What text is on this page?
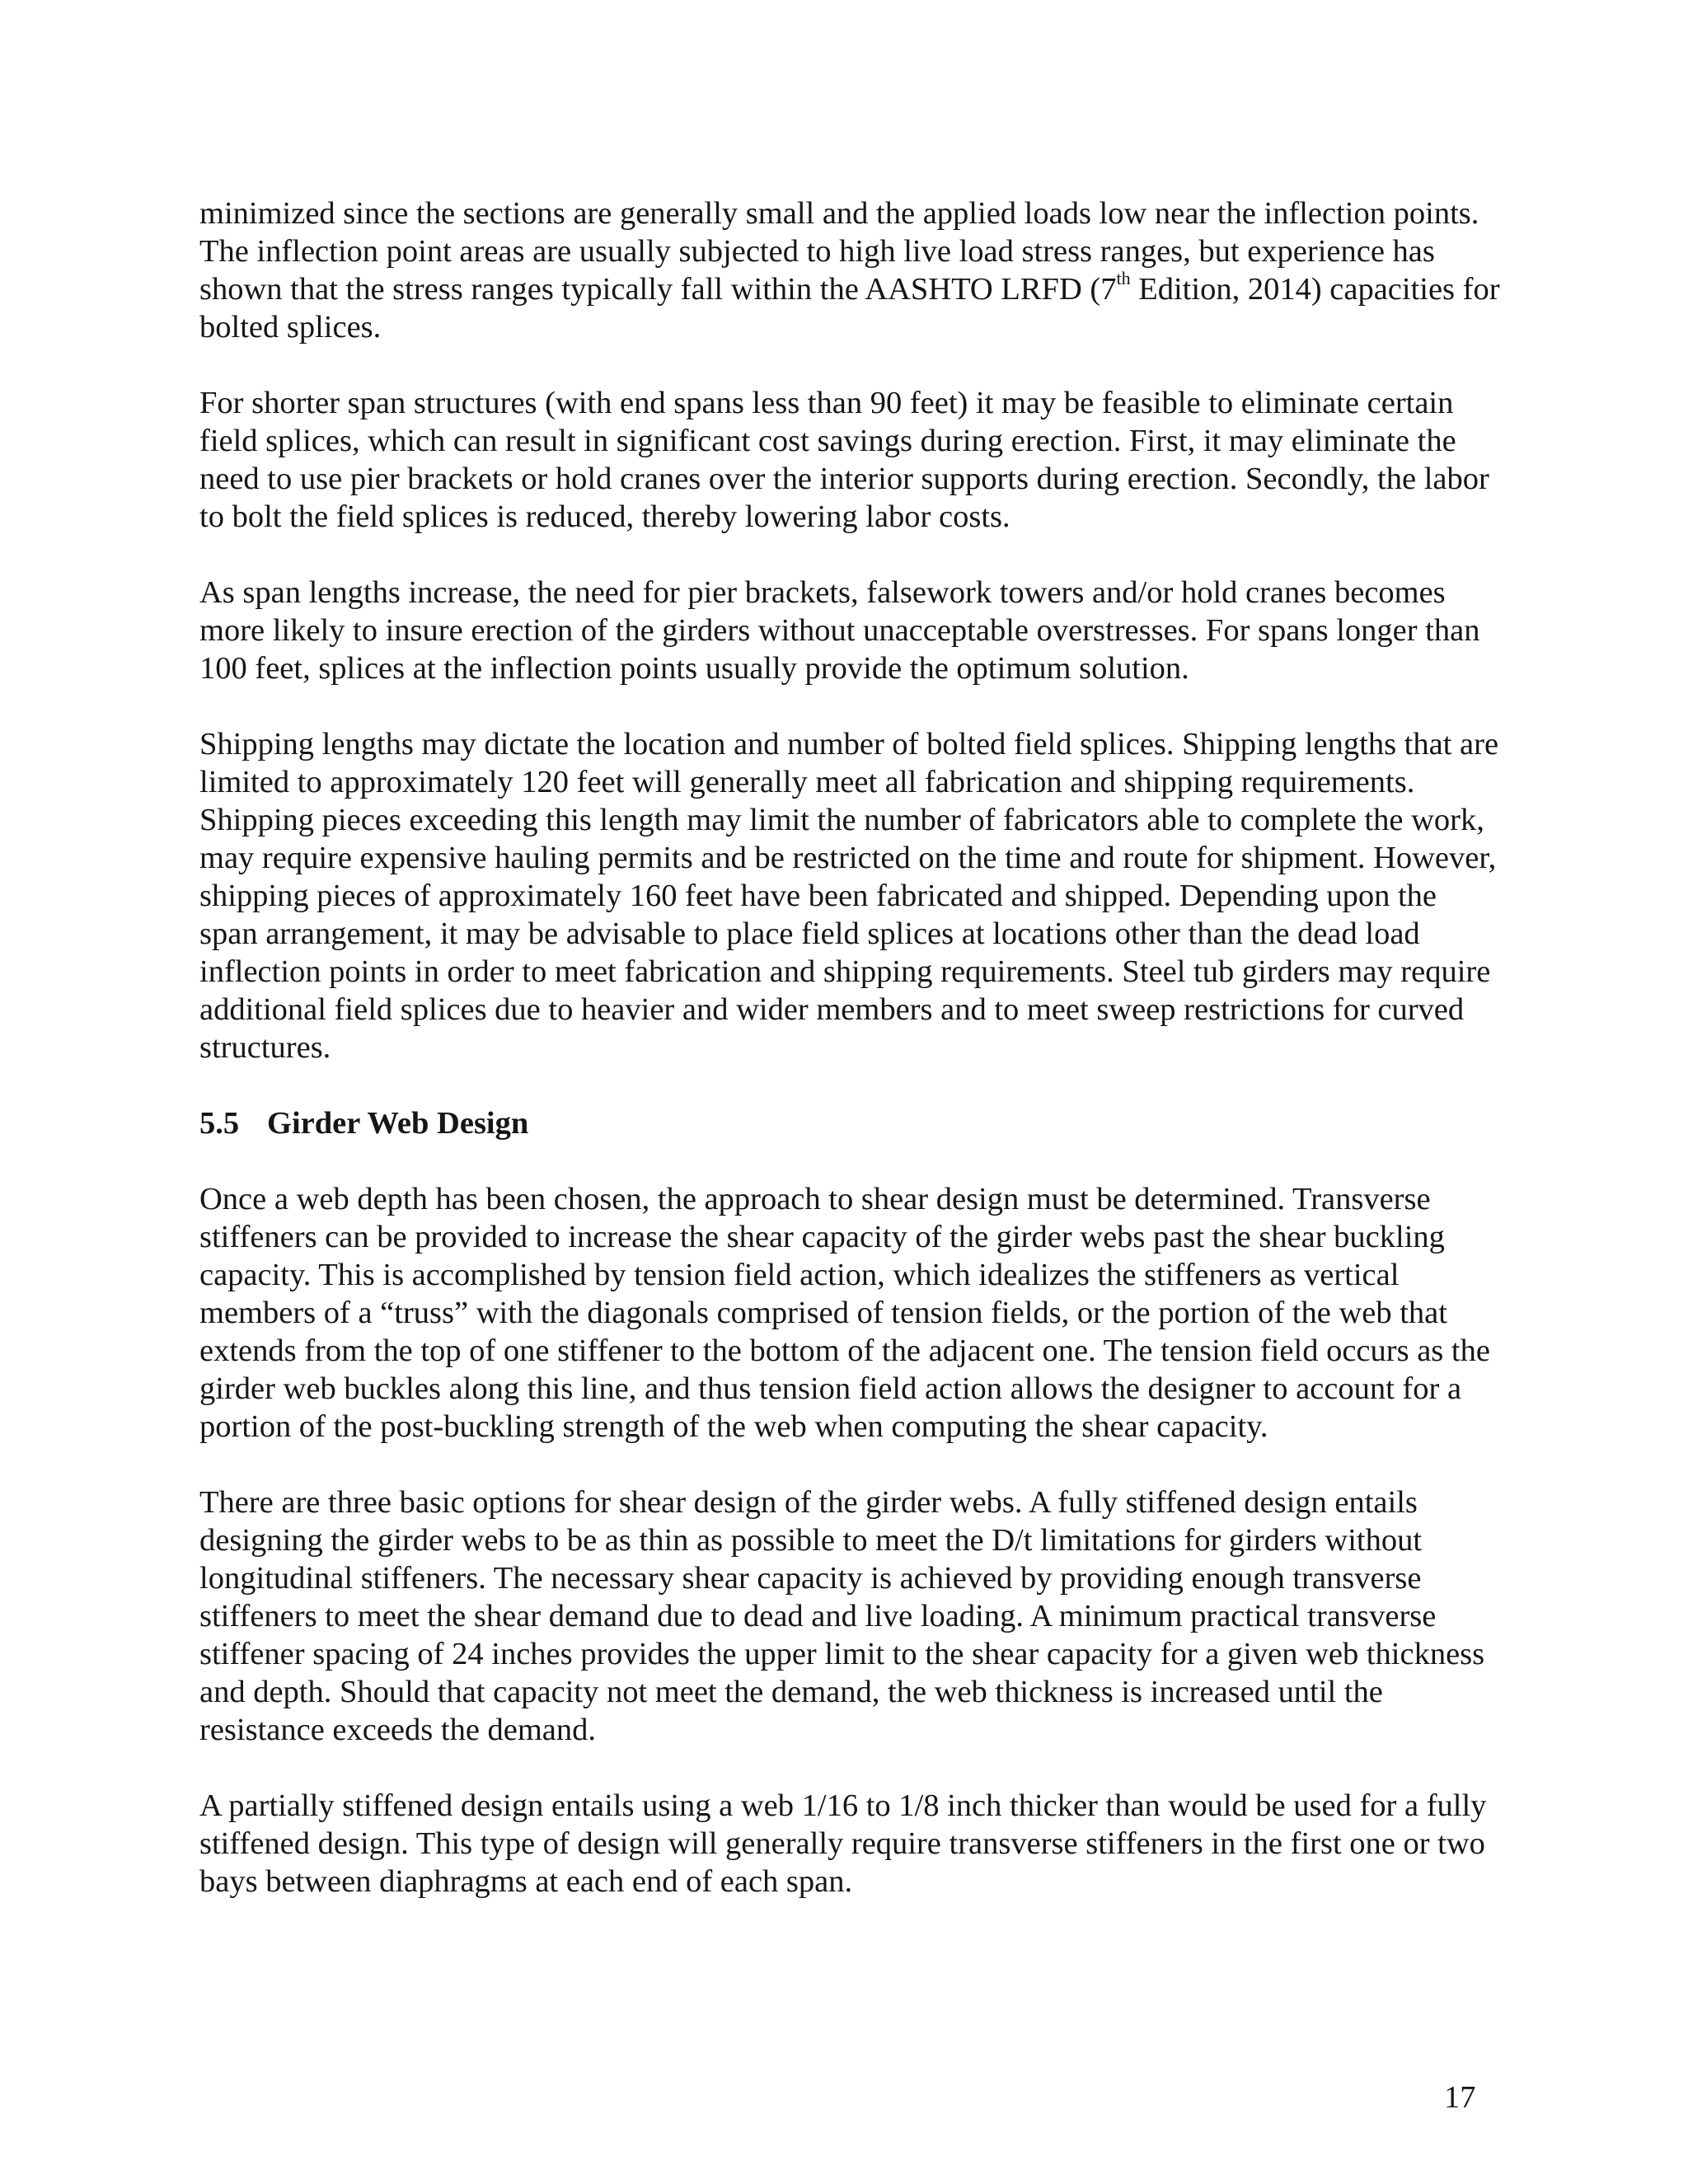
minimized since the sections are generally small and the applied loads low near the inflection points. The inflection point areas are usually subjected to high live load stress ranges, but experience has shown that the stress ranges typically fall within the AASHTO LRFD (7th Edition, 2014) capacities for bolted splices.

For shorter span structures (with end spans less than 90 feet) it may be feasible to eliminate certain field splices, which can result in significant cost savings during erection. First, it may eliminate the need to use pier brackets or hold cranes over the interior supports during erection. Secondly, the labor to bolt the field splices is reduced, thereby lowering labor costs.

As span lengths increase, the need for pier brackets, falsework towers and/or hold cranes becomes more likely to insure erection of the girders without unacceptable overstresses. For spans longer than 100 feet, splices at the inflection points usually provide the optimum solution.

Shipping lengths may dictate the location and number of bolted field splices. Shipping lengths that are limited to approximately 120 feet will generally meet all fabrication and shipping requirements. Shipping pieces exceeding this length may limit the number of fabricators able to complete the work, may require expensive hauling permits and be restricted on the time and route for shipment. However, shipping pieces of approximately 160 feet have been fabricated and shipped. Depending upon the span arrangement, it may be advisable to place field splices at locations other than the dead load inflection points in order to meet fabrication and shipping requirements. Steel tub girders may require additional field splices due to heavier and wider members and to meet sweep restrictions for curved structures.

5.5 Girder Web Design

Once a web depth has been chosen, the approach to shear design must be determined. Transverse stiffeners can be provided to increase the shear capacity of the girder webs past the shear buckling capacity. This is accomplished by tension field action, which idealizes the stiffeners as vertical members of a “truss” with the diagonals comprised of tension fields, or the portion of the web that extends from the top of one stiffener to the bottom of the adjacent one. The tension field occurs as the girder web buckles along this line, and thus tension field action allows the designer to account for a portion of the post-buckling strength of the web when computing the shear capacity.

There are three basic options for shear design of the girder webs. A fully stiffened design entails designing the girder webs to be as thin as possible to meet the D/t limitations for girders without longitudinal stiffeners. The necessary shear capacity is achieved by providing enough transverse stiffeners to meet the shear demand due to dead and live loading. A minimum practical transverse stiffener spacing of 24 inches provides the upper limit to the shear capacity for a given web thickness and depth. Should that capacity not meet the demand, the web thickness is increased until the resistance exceeds the demand.

A partially stiffened design entails using a web 1/16 to 1/8 inch thicker than would be used for a fully stiffened design. This type of design will generally require transverse stiffeners in the first one or two bays between diaphragms at each end of each span.

17
